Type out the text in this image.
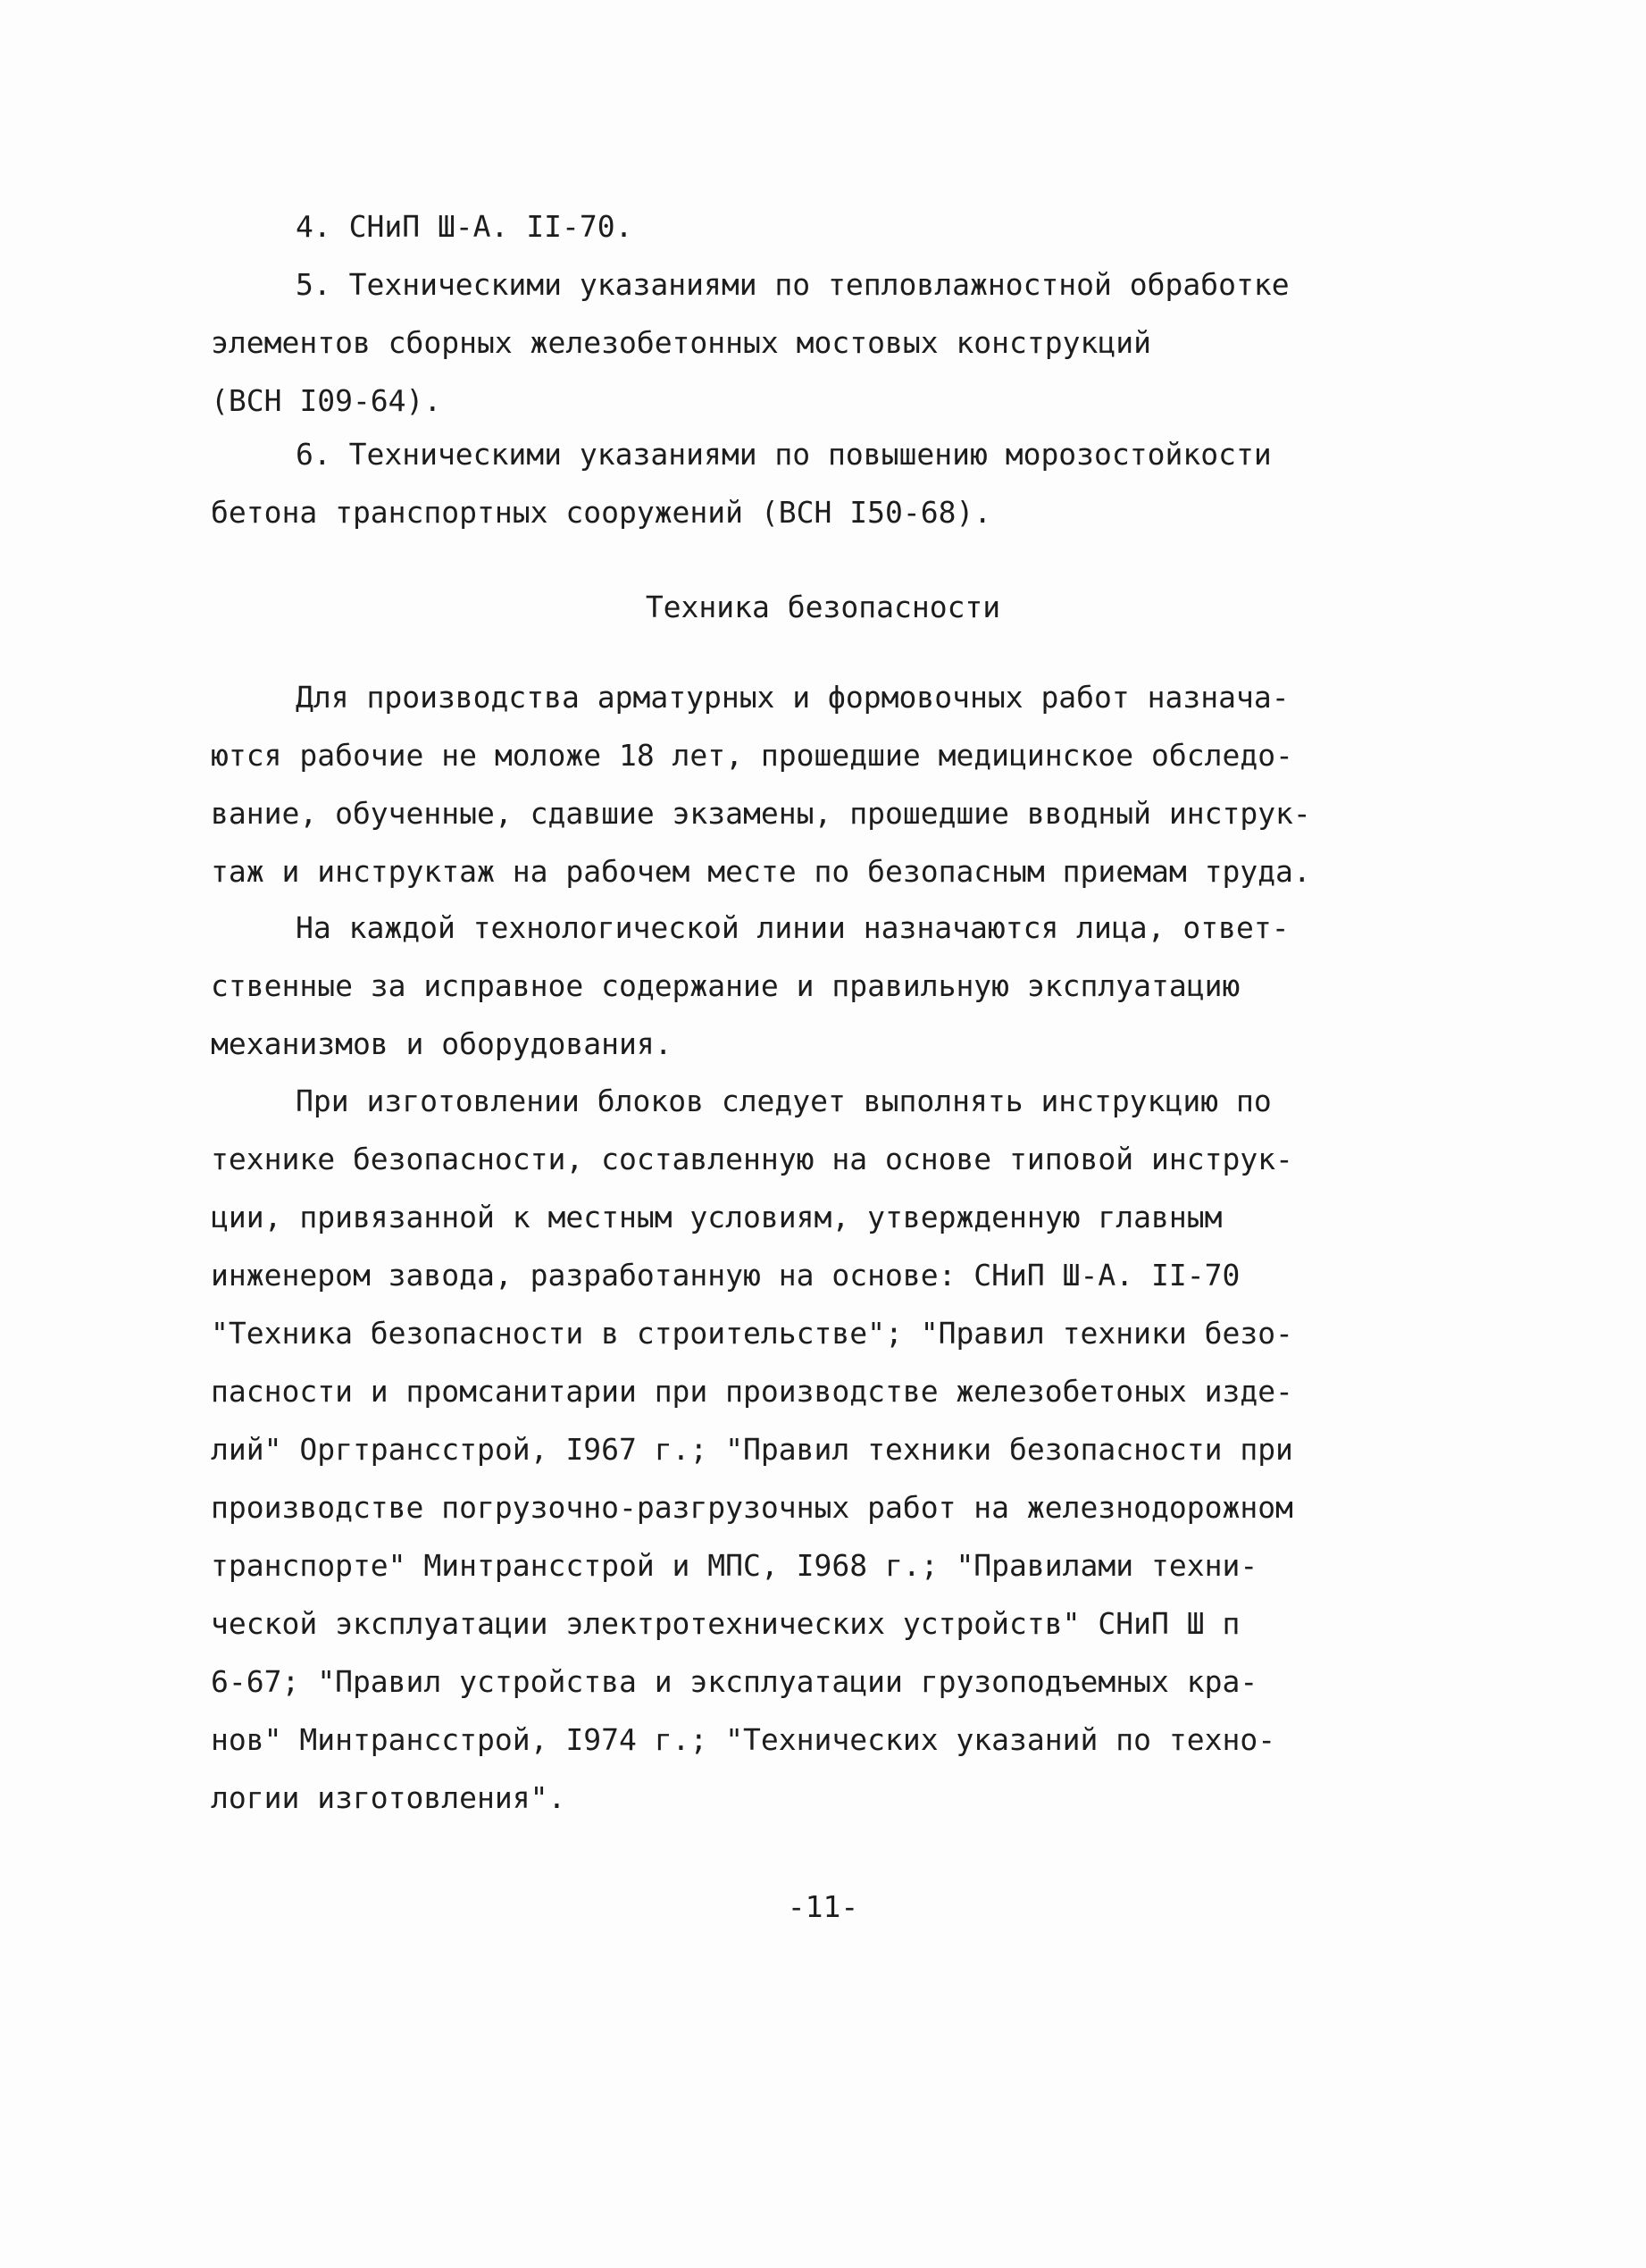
4. СНиП Ш-А. II-70.
5. Техническими указаниями по тепловлажностной обработке
элементов сборных железобетонных мостовых конструкций
(ВСН I09-64).
6. Техническими указаниями по повышению морозостойкости
бетона транспортных сооружений (ВСН I50-68).
Техника безопасности
Для производства арматурных и формовочных работ назнача-
ются рабочие не моложе 18 лет, прошедшие медицинское обследо-
вание, обученные, сдавшие экзамены, прошедшие вводный инструк-
таж и инструктаж на рабочем месте по безопасным приемам труда.
На каждой технологической линии назначаются лица, ответ-
ственные за исправное содержание и правильную эксплуатацию
механизмов и оборудования.
При изготовлении блоков следует выполнять инструкцию по
технике безопасности, составленную на основе типовой инструк-
ции, привязанной к местным условиям, утвержденную главным
инженером завода, разработанную на основе: СНиП Ш-А. II-70
"Техника безопасности в строительстве"; "Правил техники безо-
пасности и промсанитарии при производстве железобетоных изде-
лий" Оргтрансстрой, I967 г.; "Правил техники безопасности при
производстве погрузочно-разгрузочных работ на железнодорожном
транспорте" Минтрансстрой и МПС, I968 г.; "Правилами техни-
ческой эксплуатации электротехнических устройств" СНиП Ш п
6-67; "Правил устройства и эксплуатации грузоподъемных кра-
нов" Минтрансстрой, I974 г.; "Технических указаний по техно-
логии изготовления".
-11-
